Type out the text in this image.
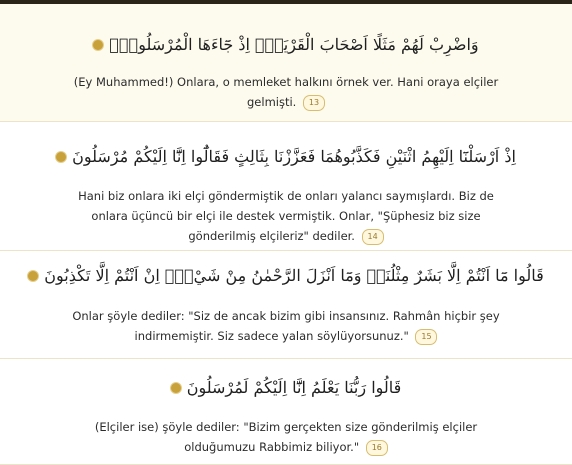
وَاضْرِبْ لَهُمْ مَثَلًا اَصْحَابَ الْقَرْيَةِۢ اِذْ جَٓاءَهَا الْمُرْسَلُونَۚ
(Ey Muhammed!) Onlara, o memleket halkını örnek ver. Hani oraya elçiler gelmişti. 13
اِذْ اَرْسَلْنَٓا اِلَيْهِمُ اثْنَيْنِ فَكَذَّبُوهُمَا فَعَزَّزْنَا بِثَالِثٍ فَقَالُٓوا اِنَّٓا اِلَيْكُمْ مُرْسَلُونَ
Hani biz onlara iki elçi göndermiştik de onları yalancı saymışlardı. Biz de onlara üçüncü bir elçi ile destek vermiştik. Onlar, "Şüphesiz biz size gönderilmiş elçileriz" dediler. 14
قَالُوا مَٓا اَنْتُمْ اِلَّا بَشَرٌ مِثْلُنَاۙ وَمَٓا اَنْزَلَ الرَّحْمٰنُ مِنْ شَيْءٍۙ اِنْ اَنْتُمْ اِلَّا تَكْذِبُونَ
Onlar şöyle dediler: "Siz de ancak bizim gibi insansınız. Rahmân hiçbir şey indirmemiştir. Siz sadece yalan söylüyorsunuz." 15
قَالُوا رَبُّنَا يَعْلَمُ اِنَّٓا اِلَيْكُمْ لَمُرْسَلُونَ
(Elçiler ise) şöyle dediler: "Bizim gerçekten size gönderilmiş elçiler olduğumuzu Rabbimiz biliyor." 16
